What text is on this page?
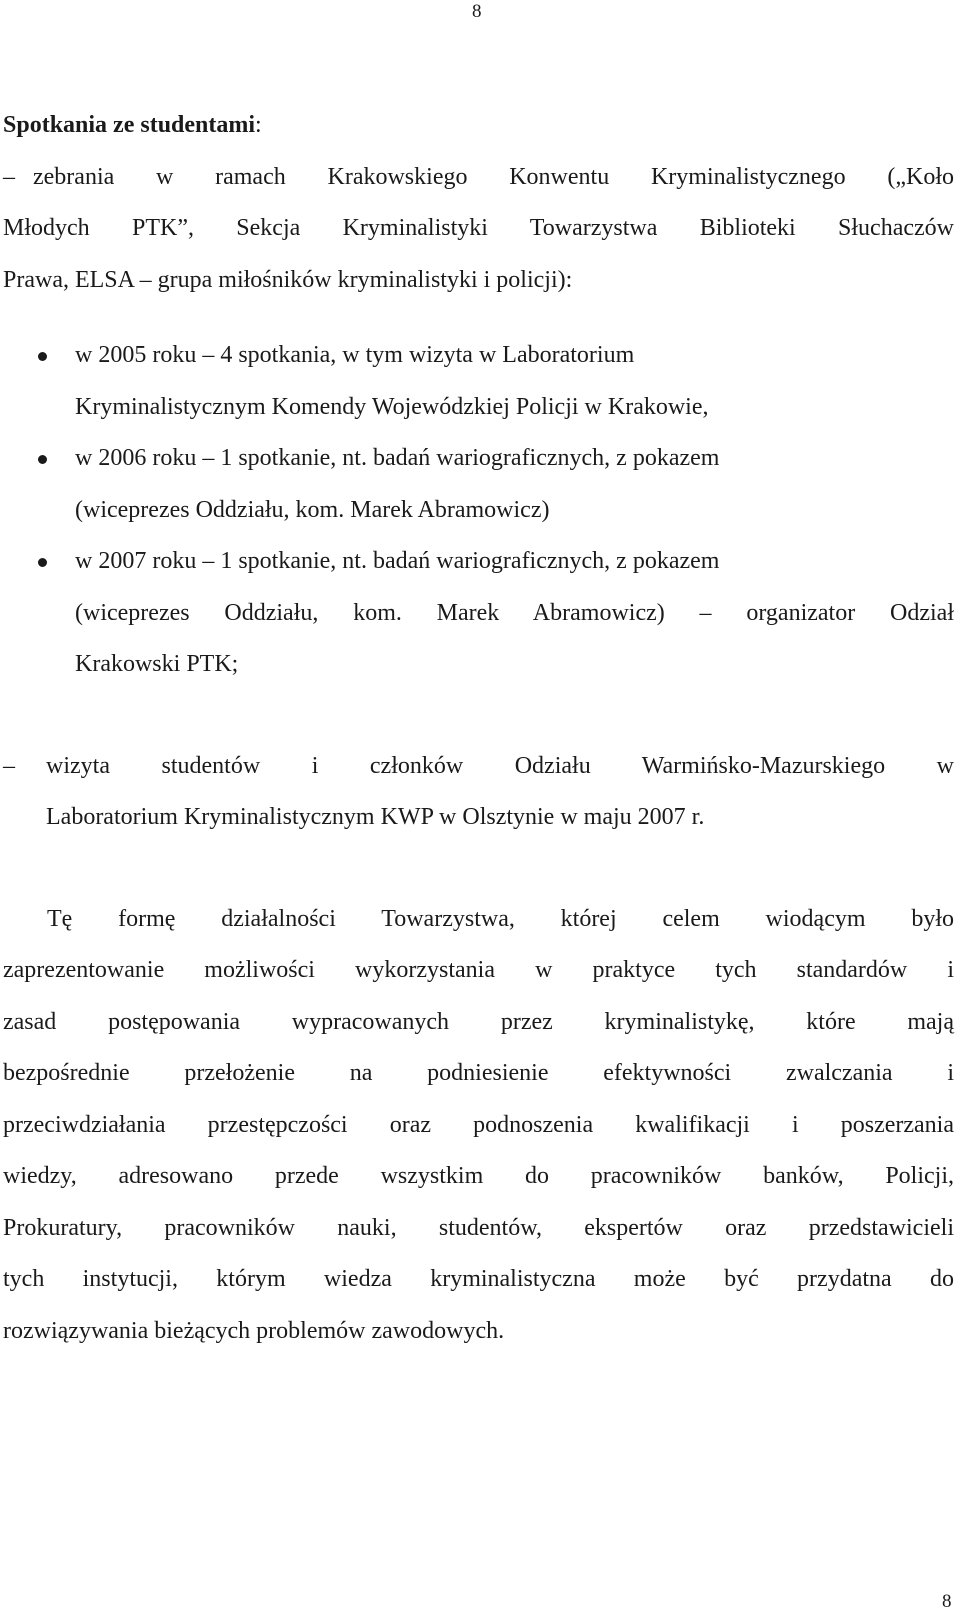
8

Spotkania ze studentami:

– zebrania w ramach Krakowskiego Konwentu Kryminalistycznego („Koło
Młodych PTK”, Sekcja Kryminalistyki Towarzystwa Biblioteki Słuchaczów
Prawa, ELSA – grupa miłośników kryminalistyki i policji):
w 2005 roku – 4 spotkania, w tym wizyta w Laboratorium
Kryminalistycznym Komendy Wojewódzkiej Policji w Krakowie,
w 2006 roku – 1 spotkanie, nt. badań wariograficznych, z pokazem
(wiceprezes Oddziału, kom. Marek Abramowicz)
w 2007 roku – 1 spotkanie, nt. badań wariograficznych, z pokazem
(wiceprezes Oddziału, kom. Marek Abramowicz) – organizator Odział
Krakowski PTK;
– wizyta studentów i członków Odziału Warmińsko-Mazurskiego w
Laboratorium Kryminalistycznym KWP w Olsztynie w maju 2007 r.
Tę formę działalności Towarzystwa, której celem wiodącym było
zaprezentowanie możliwości wykorzystania w praktyce tych standardów i
zasad postępowania wypracowanych przez kryminalistykę, które mają
bezpośrednie przełożenie na podniesienie efektywności zwalczania i
przeciwdziałania przestępczości oraz podnoszenia kwalifikacji i poszerzania
wiedzy, adresowano przede wszystkim do pracowników banków, Policji,
Prokuratury, pracowników nauki, studentów, ekspertów oraz przedstawicieli
tych instytucji, którym wiedza kryminalistyczna może być przydatna do
rozwiązywania bieżących problemów zawodowych.
8
